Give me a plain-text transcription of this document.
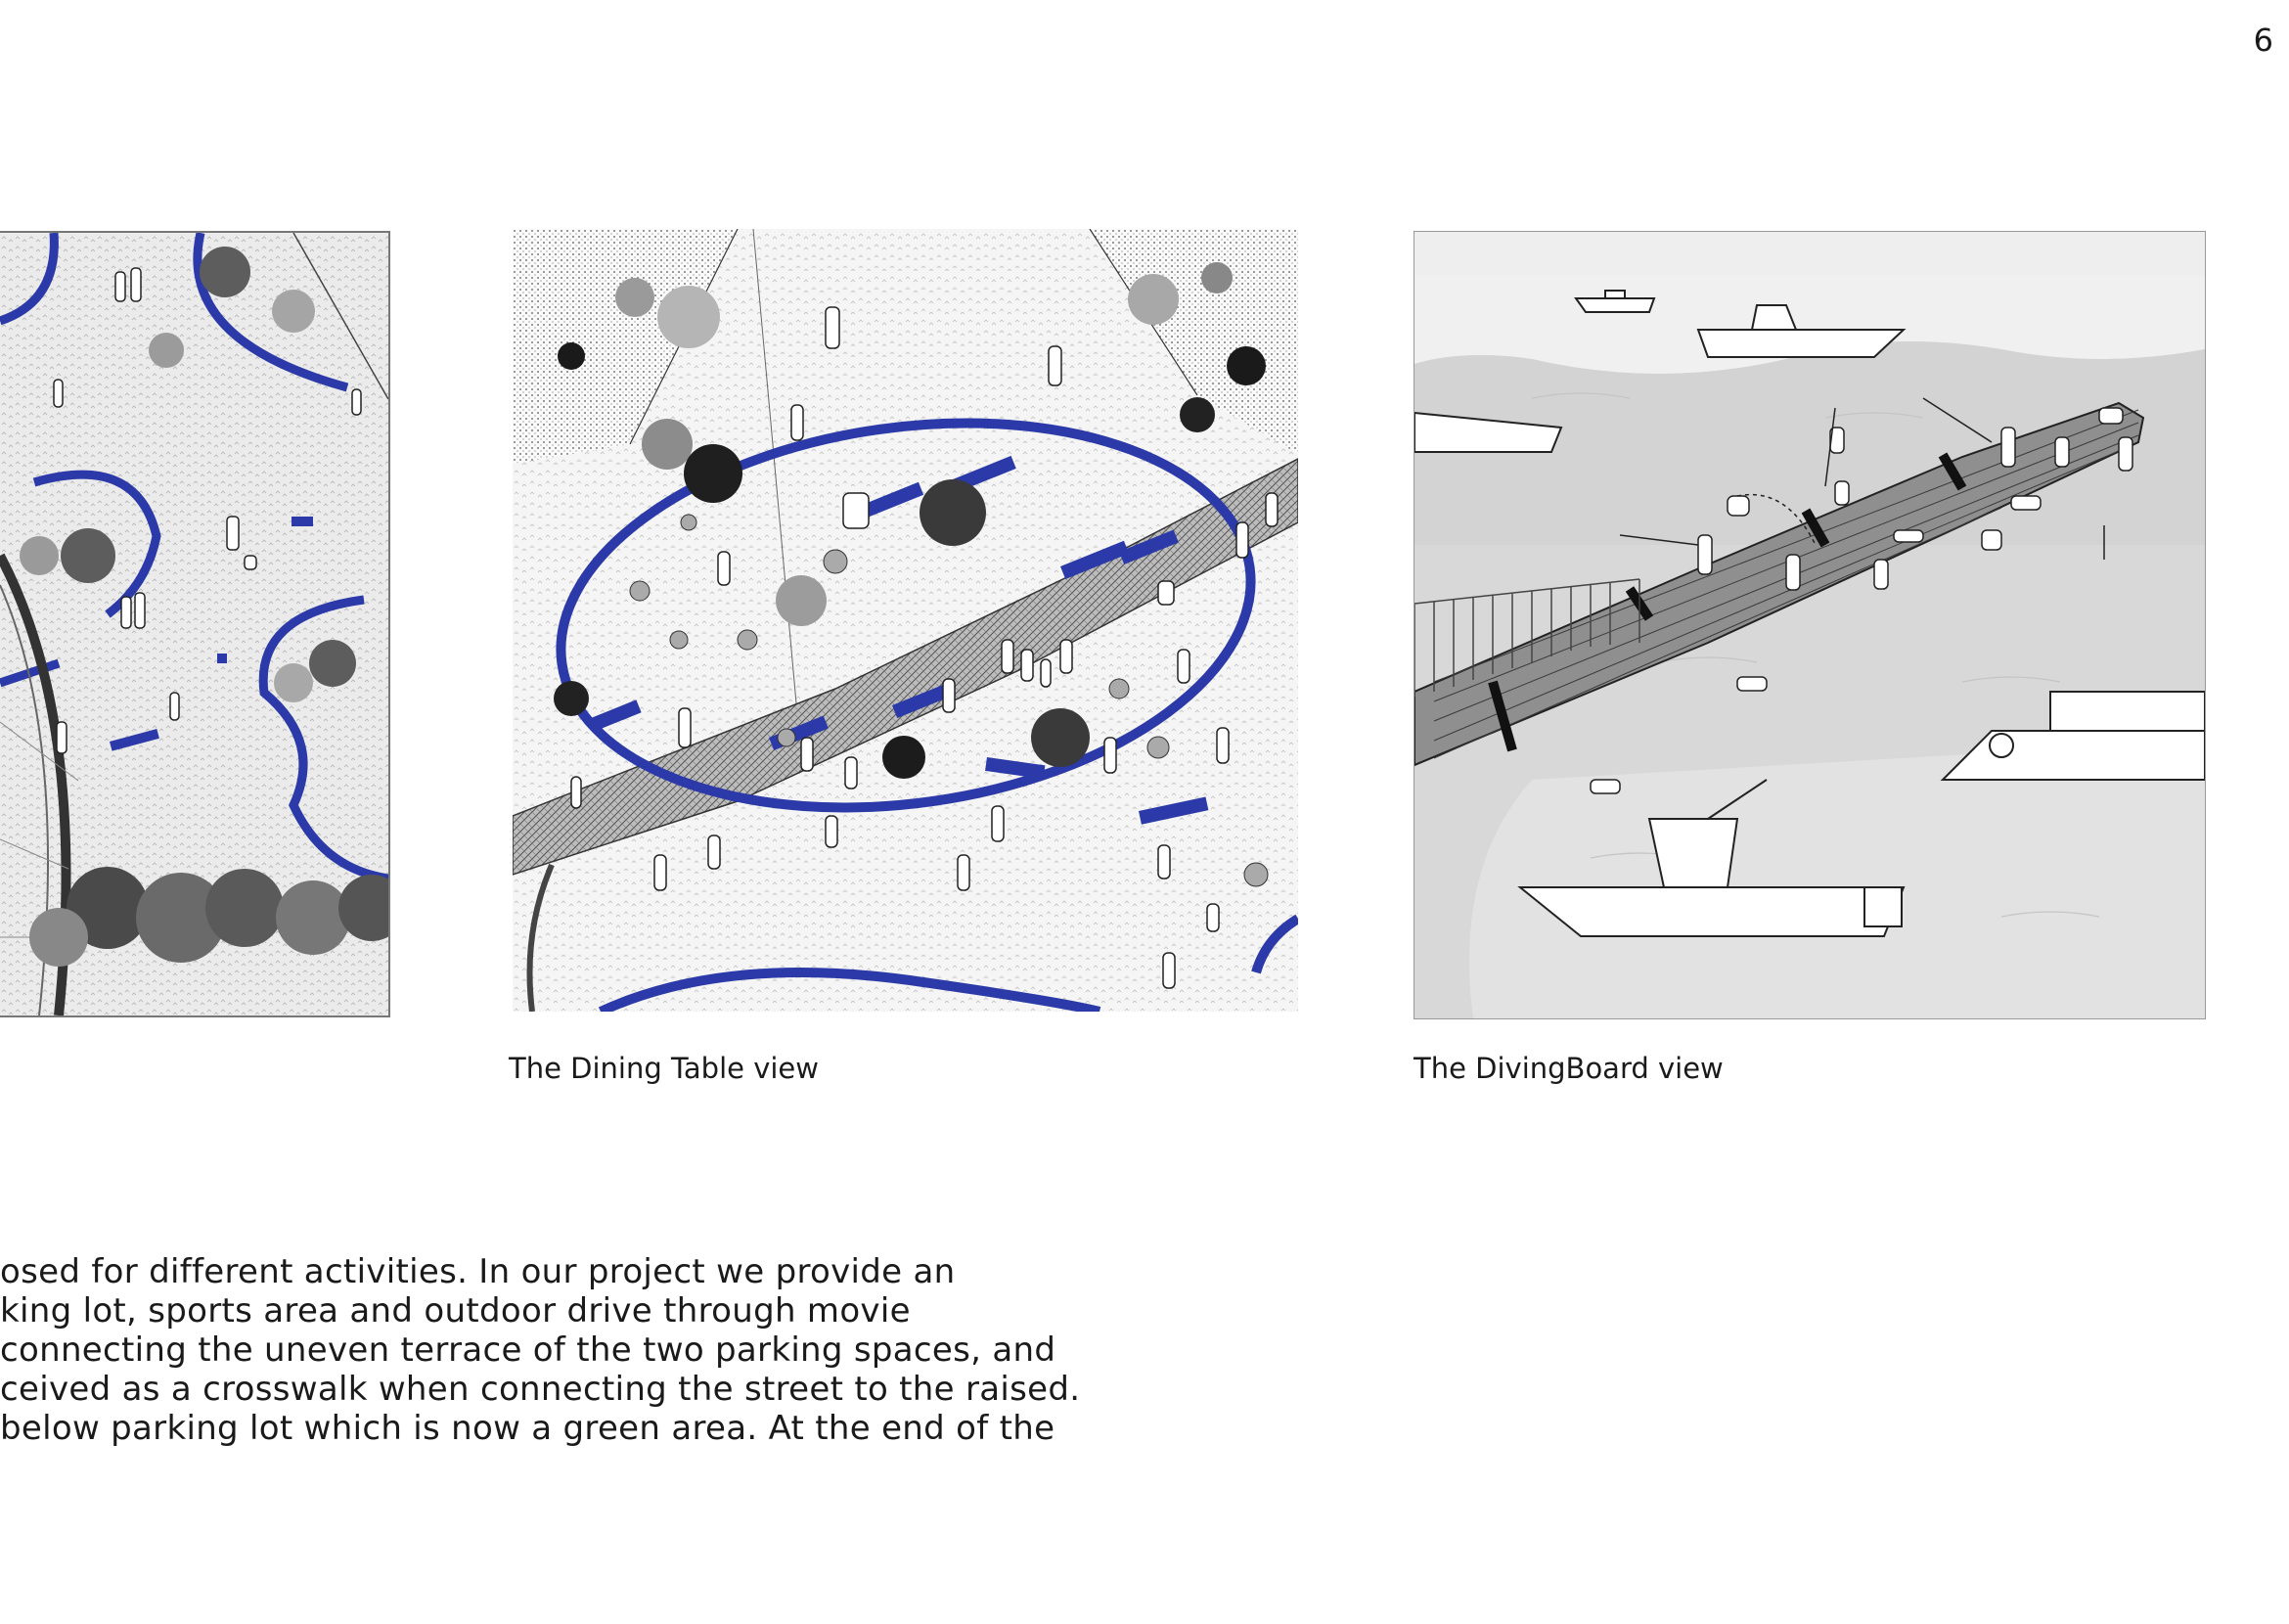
6
The Dining Table view	The DivingBoard view
osed for different activities. In our project we provide an
king lot, sports area and outdoor drive through movie
connecting the uneven terrace of the two parking spaces, and
ceived as a crosswalk when connecting the street to the raised.
below parking lot which is now a green area. At the end of the
